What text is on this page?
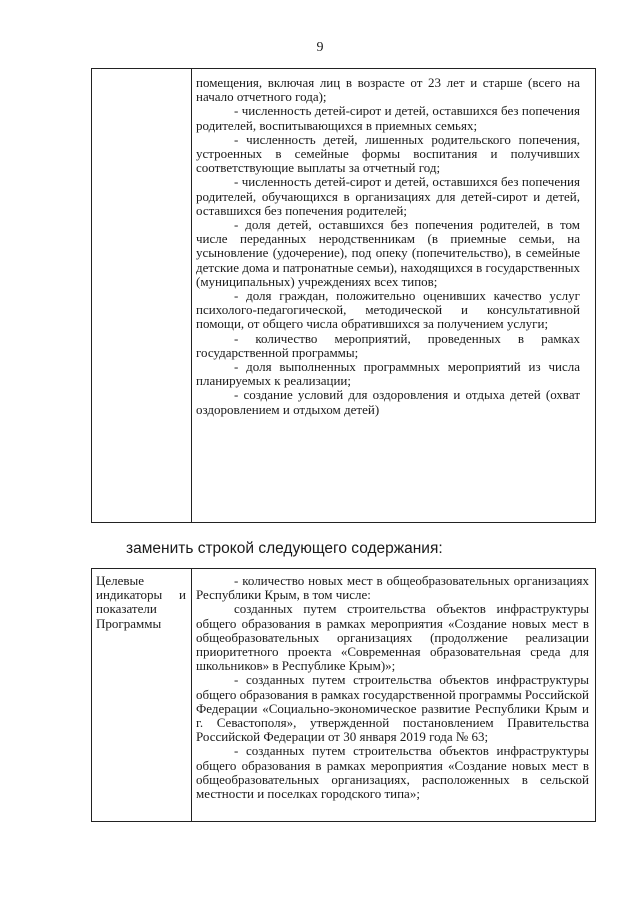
9

помещения, включая лиц в возрасте от 23 лет и старше (всего на начало отчетного года);

- численность детей-сирот и детей, оставшихся без попечения родителей, воспитывающихся в приемных семьях;

- численность детей, лишенных родительского попечения, устроенных в семейные формы воспитания и получивших соответствующие выплаты за отчетный год;

- численность детей-сирот и детей, оставшихся без попечения родителей, обучающихся в организациях для детей-сирот и детей, оставшихся без попечения родителей;

- доля детей, оставшихся без попечения родителей, в том числе переданных неродственникам (в приемные семьи, на усыновление (удочерение), под опеку (попечительство), в семейные детские дома и патронатные семьи), находящихся в государственных (муниципальных) учреждениях всех типов;

- доля граждан, положительно оценивших качество услуг психолого-педагогической, методической и консультативной помощи, от общего числа обратившихся за получением услуги;

- количество мероприятий, проведенных в рамках государственной программы;

- доля выполненных программных мероприятий из числа планируемых к реализации;

- создание условий для оздоровления и отдыха детей (охват оздоровлением и отдыхом детей)

заменить строкой следующего содержания:
Целевые
индикаторы и
показатели
Программы

- количество новых мест в общеобразовательных организациях Республики Крым, в том числе:

созданных путем строительства объектов инфраструктуры общего образования в рамках мероприятия «Создание новых мест в общеобразовательных организациях (продолжение реализации приоритетного проекта «Современная образовательная среда для школьников» в Республике Крым)»;

- созданных путем строительства объектов инфраструктуры общего образования в рамках государственной программы Российской Федерации «Социально-экономическое развитие Республики Крым и г. Севастополя», утвержденной постановлением Правительства Российской Федерации от 30 января 2019 года № 63;

- созданных путем строительства объектов инфраструктуры общего образования в рамках мероприятия «Создание новых мест в общеобразовательных организациях, расположенных в сельской местности и поселках городского типа»;
